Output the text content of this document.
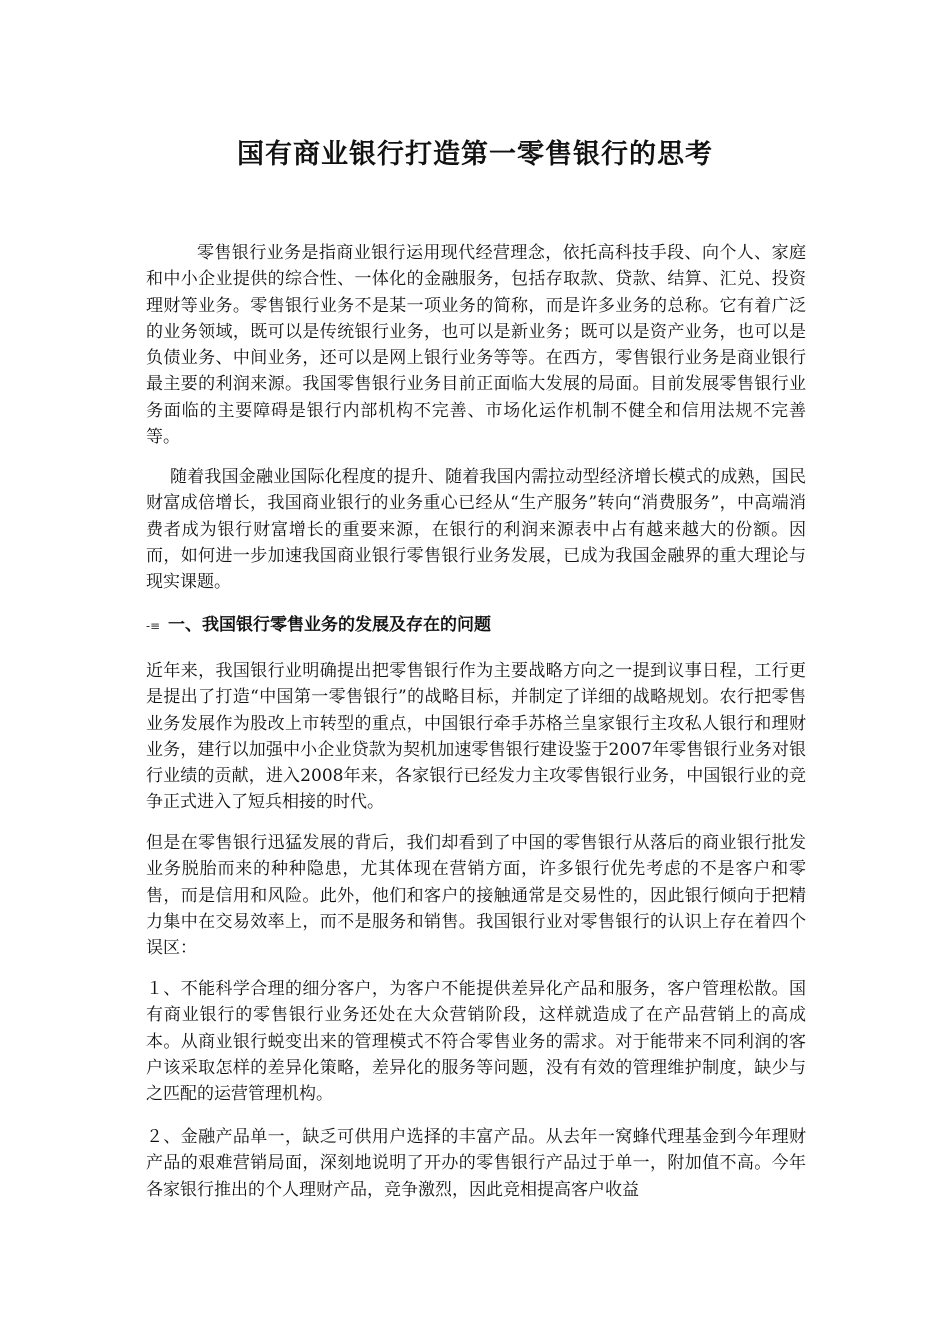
国有商业银行打造第一零售银行的思考
零售银行业务是指商业银行运用现代经营理念，依托高科技手段、向个人、家庭和中小企业提供的综合性、一体化的金融服务，包括存取款、贷款、结算、汇兑、投资理财等业务。零售银行业务不是某一项业务的简称，而是许多业务的总称。它有着广泛的业务领域，既可以是传统银行业务，也可以是新业务；既可以是资产业务，也可以是负债业务、中间业务，还可以是网上银行业务等等。在西方，零售银行业务是商业银行最主要的利润来源。我国零售银行业务目前正面临大发展的局面。目前发展零售银行业务面临的主要障碍是银行内部机构不完善、市场化运作机制不健全和信用法规不完善等。
随着我国金融业国际化程度的提升、随着我国内需拉动型经济增长模式的成熟，国民财富成倍增长，我国商业银行的业务重心已经从“生产服务”转向“消费服务”，中高端消费者成为银行财富增长的重要来源，在银行的利润来源表中占有越来越大的份额。因而，如何进一步加速我国商业银行零售银行业务发展，已成为我国金融界的重大理论与现实课题。
-≡ 一、我国银行零售业务的发展及存在的问题
近年来，我国银行业明确提出把零售银行作为主要战略方向之一提到议事日程，工行更是提出了打造“中国第一零售银行”的战略目标，并制定了详细的战略规划。农行把零售业务发展作为股改上市转型的重点，中国银行牵手苏格兰皇家银行主攻私人银行和理财业务，建行以加强中小企业贷款为契机加速零售银行建设鉴于2007年零售银行业务对银行业绩的贡献，进入2008年来，各家银行已经发力主攻零售银行业务，中国银行业的竞争正式进入了短兵相接的时代。
但是在零售银行迅猛发展的背后，我们却看到了中国的零售银行从落后的商业银行批发业务脱胎而来的种种隐患，尤其体现在营销方面，许多银行优先考虑的不是客户和零售，而是信用和风险。此外，他们和客户的接触通常是交易性的，因此银行倾向于把精力集中在交易效率上，而不是服务和销售。我国银行业对零售银行的认识上存在着四个误区：
１、不能科学合理的细分客户，为客户不能提供差异化产品和服务，客户管理松散。国有商业银行的零售银行业务还处在大众营销阶段，这样就造成了在产品营销上的高成本。从商业银行蜕变出来的管理模式不符合零售业务的需求。对于能带来不同利润的客户该采取怎样的差异化策略，差异化的服务等问题，没有有效的管理维护制度，缺少与之匹配的运营管理机构。
２、金融产品单一，缺乏可供用户选择的丰富产品。从去年一窝蜂代理基金到今年理财产品的艰难营销局面，深刻地说明了开办的零售银行产品过于单一，附加值不高。今年各家银行推出的个人理财产品，竞争激烈，因此竞相提高客户收益
